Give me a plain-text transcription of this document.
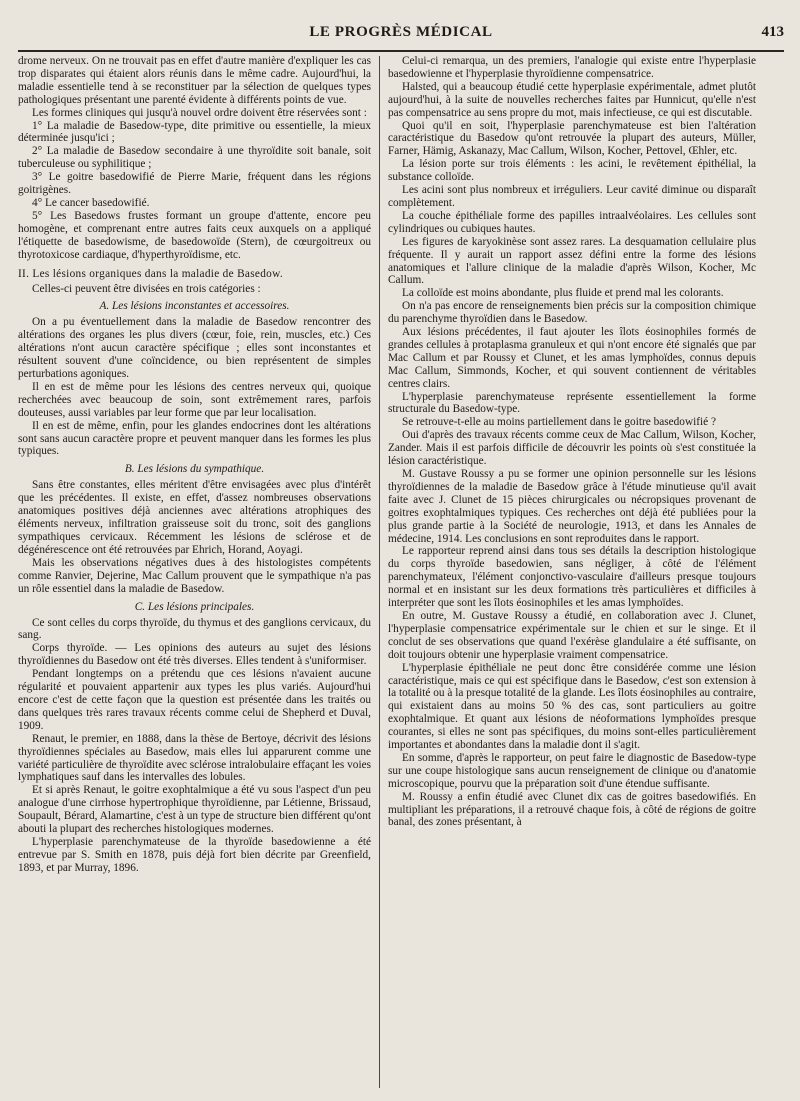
LE PROGRÈS MÉDICAL	413

drome nerveux. On ne trouvait pas en effet d'autre manière d'expliquer les cas trop disparates qui étaient alors réunis dans le même cadre. Aujourd'hui, la maladie essentielle tend à se reconstituer par la sélection de quelques types pathologiques présentant une parenté évidente à différents points de vue.

Les formes cliniques qui jusqu'à nouvel ordre doivent être réservées sont :

1° La maladie de Basedow-type, dite primitive ou essentielle, la mieux déterminée jusqu'ici ;

2° La maladie de Basedow secondaire à une thyroïdite soit banale, soit tuberculeuse ou syphilitique ;

3° Le goitre basedowifié de Pierre Marie, fréquent dans les régions goitrigènes.

4° Le cancer basedowifié.

5° Les Basedows frustes formant un groupe d'attente, encore peu homogène, et comprenant entre autres faits ceux auxquels on a appliqué l'étiquette de basedowisme, de basedowoïde (Stern), de cœurgoitreux ou thyrotoxicose cardiaque, d'hyperthyroïdisme, etc.

II. Les lésions organiques dans la maladie de Basedow.

Celles-ci peuvent être divisées en trois catégories :

A. Les lésions inconstantes et accessoires.

On a pu éventuellement dans la maladie de Basedow rencontrer des altérations des organes les plus divers (cœur, foie, rein, muscles, etc.) Ces altérations n'ont aucun caractère spécifique ; elles sont inconstantes et résultent souvent d'une coïncidence, ou bien représentent de simples perturbations agoniques.

Il en est de même pour les lésions des centres nerveux qui, quoique recherchées avec beaucoup de soin, sont extrêmement rares, parfois douteuses, aussi variables par leur forme que par leur localisation.

Il en est de même, enfin, pour les glandes endocrines dont les altérations sont sans aucun caractère propre et peuvent manquer dans les formes les plus typiques.

B. Les lésions du sympathique.

Sans être constantes, elles méritent d'être envisagées avec plus d'intérêt que les précédentes. Il existe, en effet, d'assez nombreuses observations anatomiques positives déjà anciennes avec altérations atrophiques des éléments nerveux, infiltration graisseuse soit du tronc, soit des ganglions sympathiques cervicaux. Récemment les lésions de sclérose et de dégénérescence ont été retrouvées par Ehrich, Horand, Aoyagi.

Mais les observations négatives dues à des histologistes compétents comme Ranvier, Dejerine, Mac Callum prouvent que le sympathique n'a pas un rôle essentiel dans la maladie de Basedow.

C. Les lésions principales.

Ce sont celles du corps thyroïde, du thymus et des ganglions cervicaux, du sang.

Corps thyroïde. — Les opinions des auteurs au sujet des lésions thyroïdiennes du Basedow ont été très diverses. Elles tendent à s'uniformiser.

Pendant longtemps on a prétendu que ces lésions n'avaient aucune régularité et pouvaient appartenir aux types les plus variés. Aujourd'hui encore c'est de cette façon que la question est présentée dans les traités ou dans quelques très rares travaux récents comme celui de Shepherd et Duval, 1909.

Renaut, le premier, en 1888, dans la thèse de Bertoye, décrivit des lésions thyroïdiennes spéciales au Basedow, mais elles lui apparurent comme une variété particulière de thyroïdite avec sclérose intralobulaire effaçant les voies lymphatiques sauf dans les intervalles des lobules.

Et si après Renaut, le goitre exophtalmique a été vu sous l'aspect d'un peu analogue d'une cirrhose hypertrophique thyroïdienne, par Létienne, Brissaud, Soupault, Bérard, Alamartine, c'est à un type de structure bien différent qu'ont abouti la plupart des recherches histologiques modernes.

L'hyperplasie parenchymateuse de la thyroïde basedowienne a été entrevue par S. Smith en 1878, puis déjà fort bien décrite par Greenfield, 1893, et par Murray, 1896.

Celui-ci remarqua, un des premiers, l'analogie qui existe entre l'hyperplasie basedowienne et l'hyperplasie thyroïdienne compensatrice.

Halsted, qui a beaucoup étudié cette hyperplasie expérimentale, admet plutôt aujourd'hui, à la suite de nouvelles recherches faites par Hunnicut, qu'elle n'est pas compensatrice au sens propre du mot, mais infectieuse, ce qui est discutable.

Quoi qu'il en soit, l'hyperplasie parenchymateuse est bien l'altération caractéristique du Basedow qu'ont retrouvée la plupart des auteurs, Müller, Farner, Hämig, Askanazy, Mac Callum, Wilson, Kocher, Pettovel, Œhler, etc.

La lésion porte sur trois éléments : les acini, le revêtement épithélial, la substance colloïde.

Les acini sont plus nombreux et irréguliers. Leur cavité diminue ou disparaît complètement.

La couche épithéliale forme des papilles intraalvéolaires. Les cellules sont cylindriques ou cubiques hautes.

Les figures de karyokinèse sont assez rares. La desquamation cellulaire plus fréquente. Il y aurait un rapport assez défini entre la forme des lésions anatomiques et l'allure clinique de la maladie d'après Wilson, Kocher, Mc Callum.

La colloïde est moins abondante, plus fluide et prend mal les colorants.

On n'a pas encore de renseignements bien précis sur la composition chimique du parenchyme thyroïdien dans le Basedow.

Aux lésions précédentes, il faut ajouter les îlots éosinophiles formés de grandes cellules à protaplasma granuleux et qui n'ont encore été signalés que par Mac Callum et par Roussy et Clunet, et les amas lymphoïdes, connus depuis Mac Callum, Simmonds, Kocher, et qui souvent contiennent de véritables centres clairs.

L'hyperplasie parenchymateuse représente essentiellement la forme structurale du Basedow-type.

Se retrouve-t-elle au moins partiellement dans le goitre basedowifié ?

Oui d'après des travaux récents comme ceux de Mac Callum, Wilson, Kocher, Zander. Mais il est parfois difficile de découvrir les points où s'est constituée la lésion caractéristique.

M. Gustave Roussy a pu se former une opinion personnelle sur les lésions thyroïdiennes de la maladie de Basedow grâce à l'étude minutieuse qu'il avait faite avec J. Clunet de 15 pièces chirurgicales ou nécropsiques provenant de goitres exophtalmiques typiques. Ces recherches ont déjà été publiées pour la plus grande partie à la Société de neurologie, 1913, et dans les Annales de médecine, 1914. Les conclusions en sont reproduites dans le rapport.

Le rapporteur reprend ainsi dans tous ses détails la description histologique du corps thyroïde basedowien, sans négliger, à côté de l'élément parenchymateux, l'élément conjonctivo-vasculaire d'ailleurs presque toujours normal et en insistant sur les deux formations très particulières et difficiles à interpréter que sont les îlots éosinophiles et les amas lymphoïdes.

En outre, M. Gustave Roussy a étudié, en collaboration avec J. Clunet, l'hyperplasie compensatrice expérimentale sur le chien et sur le singe. Et il conclut de ses observations que quand l'exérèse glandulaire a été suffisante, on doit toujours obtenir une hyperplasie vraiment compensatrice.

L'hyperplasie épithéliale ne peut donc être considérée comme une lésion caractéristique, mais ce qui est spécifique dans le Basedow, c'est son extension à la totalité ou à la presque totalité de la glande. Les îlots éosinophiles au contraire, qui existaient dans au moins 50 % des cas, sont particuliers au goitre exophtalmique. Et quant aux lésions de néoformations lymphoïdes presque courantes, si elles ne sont pas spécifiques, du moins sont-elles particulièrement importantes et abondantes dans la maladie dont il s'agit.

En somme, d'après le rapporteur, on peut faire le diagnostic de Basedow-type sur une coupe histologique sans aucun renseignement de clinique ou d'anatomie microscopique, pourvu que la préparation soit d'une étendue suffisante.

M. Roussy a enfin étudié avec Clunet dix cas de goitres basedowifiés. En multipliant les préparations, il a retrouvé chaque fois, à côté de régions de goitre banal, des zones présentant, à
